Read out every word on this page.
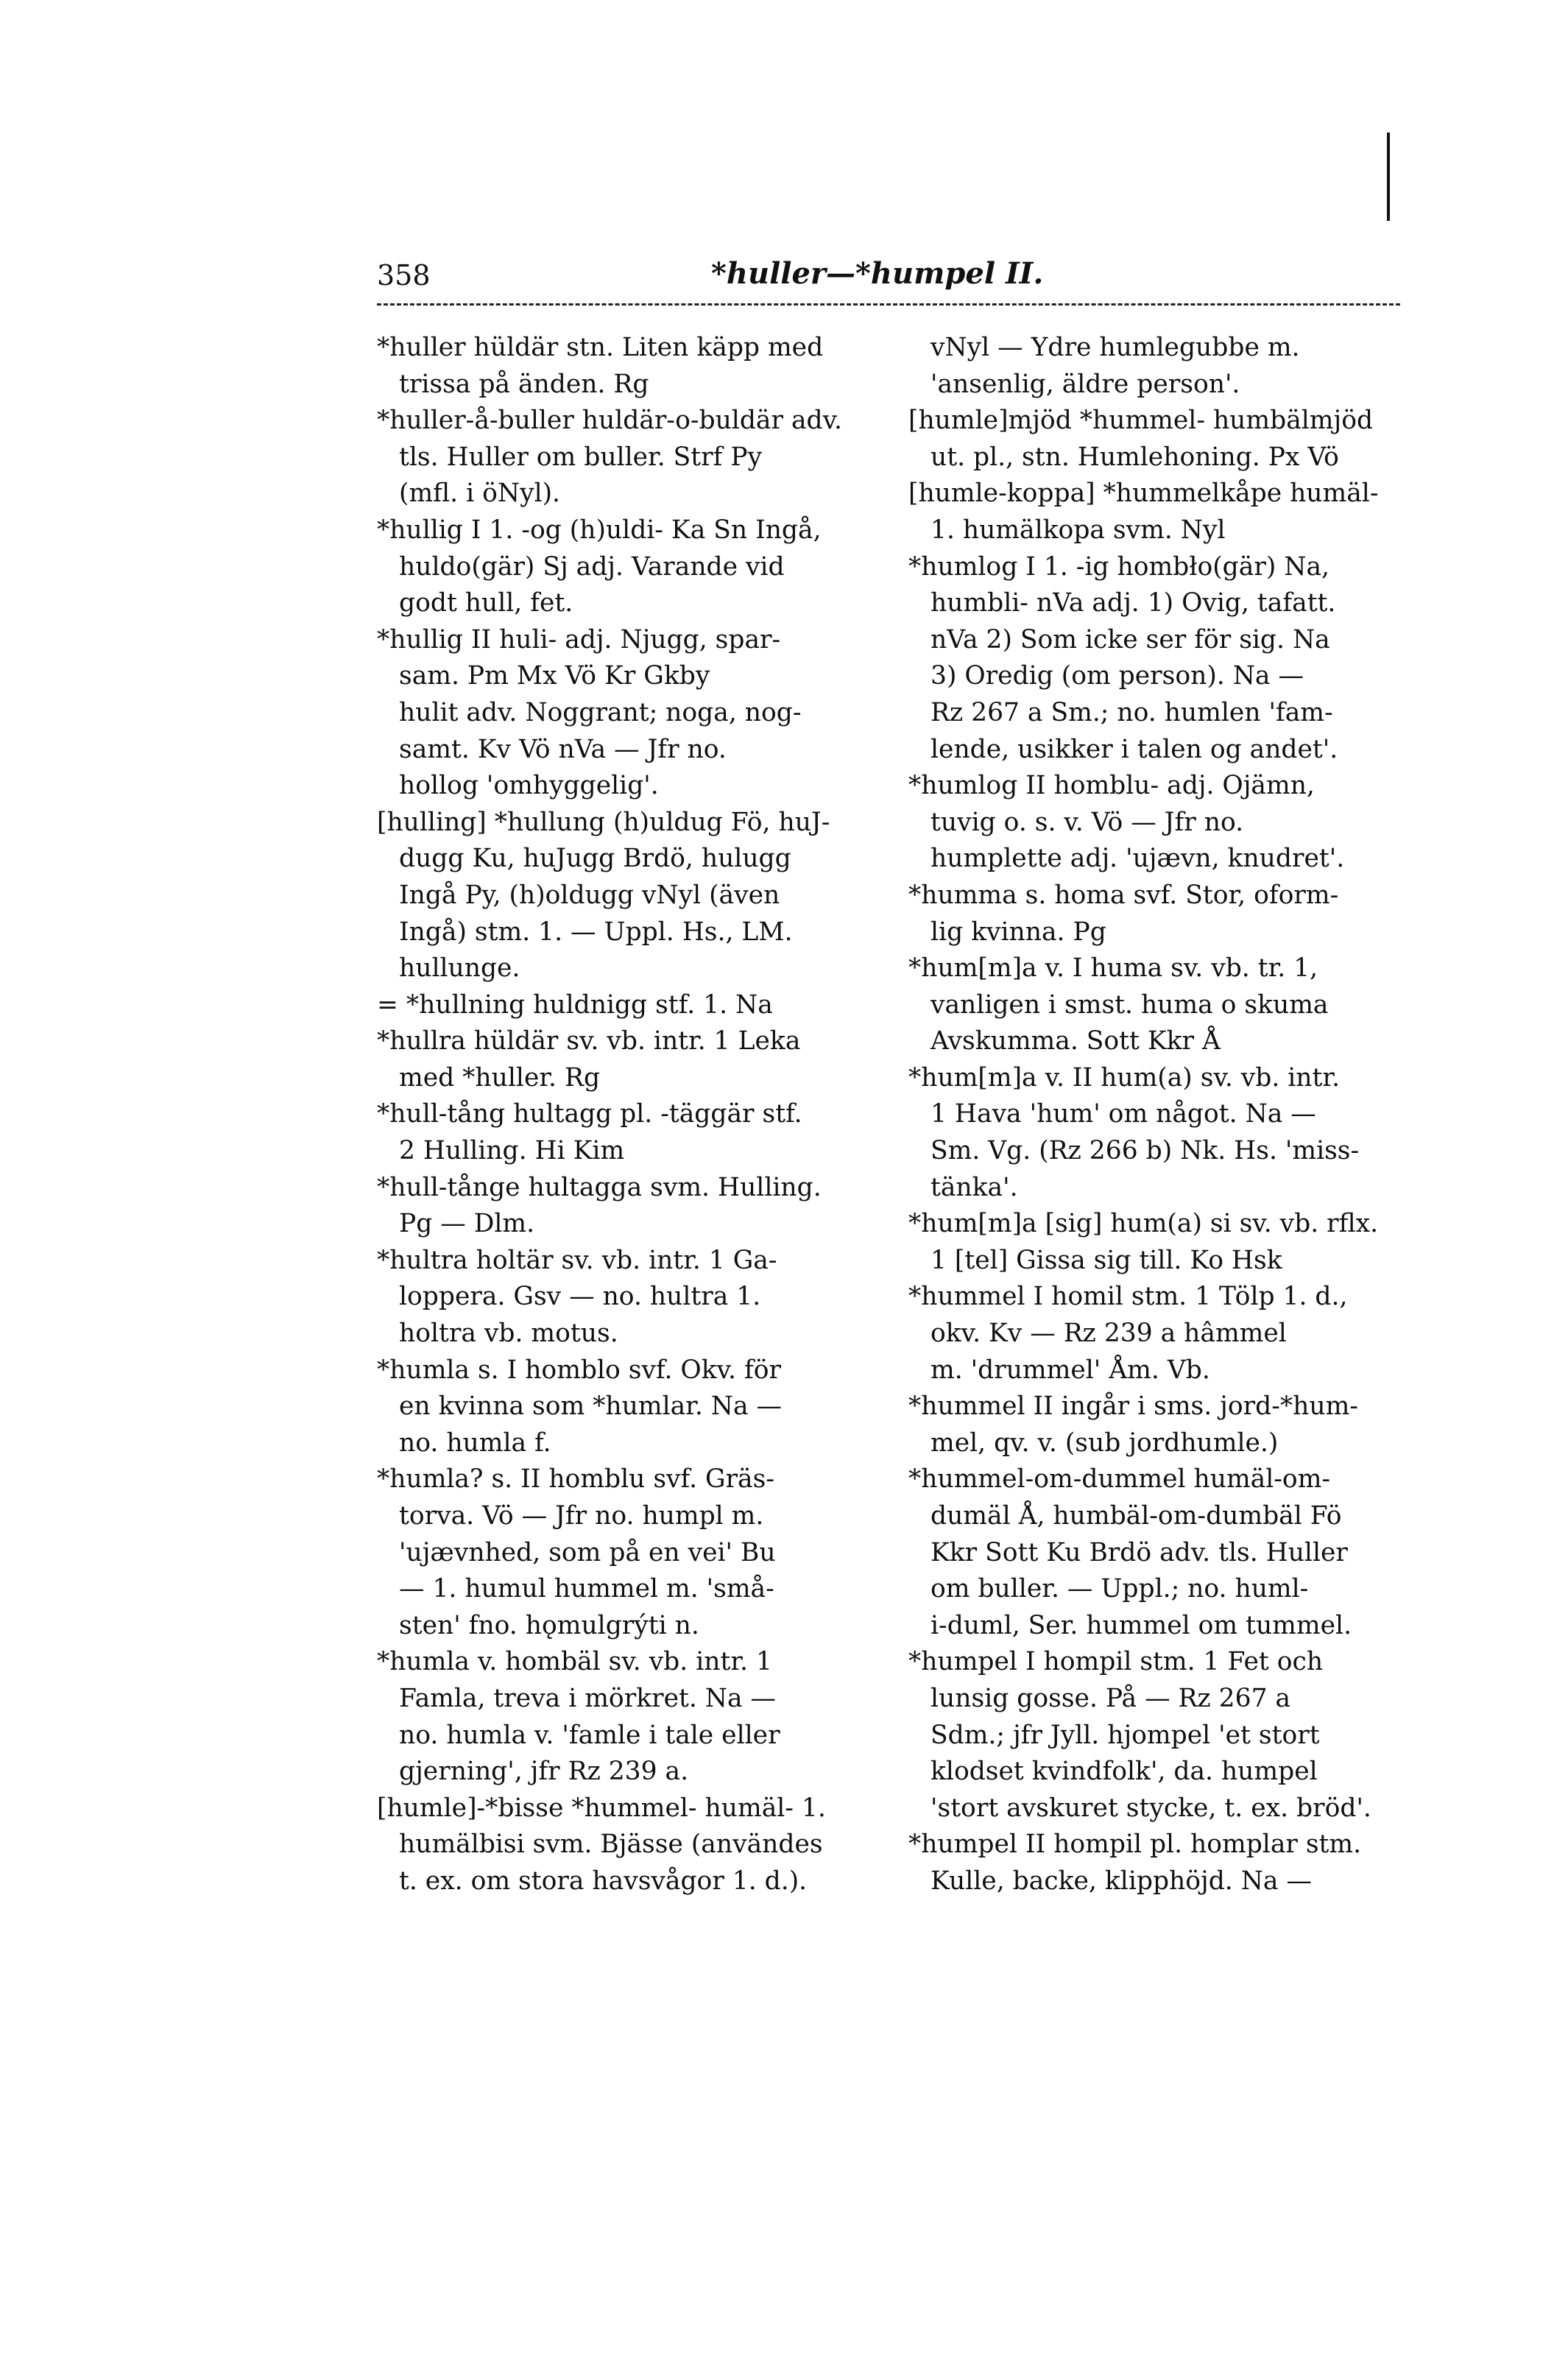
358	*huller—*humpel II.
*huller hüldär stn. Liten käpp med
trissa på änden. Rg
*huller-å-buller huldär-o-buldär adv.
tls. Huller om buller. Strf Py
(mfl. i öNyl).
*hullig I 1. -og (h)uldi- Ka Sn Ingå,
huldo(gär) Sj adj. Varande vid
godt hull, fet.
*hullig II huli- adj. Njugg, spar-
sam. Pm Mx Vö Kr Gkby
hulit adv. Noggrant; noga, nog-
samt. Kv Vö nVa — Jfr no.
hollog 'omhyggelig'.
[hulling] *hullung (h)uldug Fö, huJ-
dugg Ku, huJugg Brdö, hulugg
Ingå Py, (h)oldugg vNyl (även
Ingå) stm. 1. — Uppl. Hs., LM.
hullunge.
= *hullning huldnigg stf. 1. Na
*hullra hüldär sv. vb. intr. 1 Leka
med *huller. Rg
*hull-tång hultagg pl. -täggär stf.
2 Hulling. Hi Kim
*hull-tånge hultagga svm. Hulling.
Pg — Dlm.
*hultra holtär sv. vb. intr. 1 Ga-
loppera. Gsv — no. hultra 1.
holtra vb. motus.
*humla s. I homblo svf. Okv. för
en kvinna som *humlar. Na —
no. humla f.
*humla? s. II homblu svf. Gräs-
torva. Vö — Jfr no. humpl m.
'ujævnhed, som på en vei' Bu
— 1. humul hummel m. 'små-
sten' fno. hǫmulgrýti n.
*humla v. hombäl sv. vb. intr. 1
Famla, treva i mörkret. Na —
no. humla v. 'famle i tale eller
gjerning', jfr Rz 239 a.
[humle]-*bisse *hummel- humäl- 1.
humälbisi svm. Bjässe (användes
t. ex. om stora havsvågor 1. d.).
vNyl — Ydre humlegubbe m.
'ansenlig, äldre person'.
[humle]mjöd *hummel- humbälmjöd
ut. pl., stn. Humlehoning. Px Vö
[humle-koppa] *hummelkåpe humäl-
1. humälkopa svm. Nyl
*humlog I 1. -ig hombło(gär) Na,
humbli- nVa adj. 1) Ovig, tafatt.
nVa 2) Som icke ser för sig. Na
3) Oredig (om person). Na —
Rz 267 a Sm.; no. humlen 'fam-
lende, usikker i talen og andet'.
*humlog II homblu- adj. Ojämn,
tuvig o. s. v. Vö — Jfr no.
humplette adj. 'ujævn, knudret'.
*humma s. homa svf. Stor, oform-
lig kvinna. Pg
*hum[m]a v. I huma sv. vb. tr. 1,
vanligen i smst. huma o skuma
Avskumma. Sott Kkr Å
*hum[m]a v. II hum(a) sv. vb. intr.
1 Hava 'hum' om något. Na —
Sm. Vg. (Rz 266 b) Nk. Hs. 'miss-
tänka'.
*hum[m]a [sig] hum(a) si sv. vb. rflx.
1 [tel] Gissa sig till. Ko Hsk
*hummel I homil stm. 1 Tölp 1. d.,
okv. Kv — Rz 239 a hâmmel
m. 'drummel' Åm. Vb.
*hummel II ingår i sms. jord-*hum-
mel, qv. v. (sub jordhumle.)
*hummel-om-dummel humäl-om-
dumäl Å, humbäl-om-dumbäl Fö
Kkr Sott Ku Brdö adv. tls. Huller
om buller. — Uppl.; no. huml-
i-duml, Ser. hummel om tummel.
*humpel I hompil stm. 1 Fet och
lunsig gosse. På — Rz 267 a
Sdm.; jfr Jyll. hjompel 'et stort
klodset kvindfolk', da. humpel
'stort avskuret stycke, t. ex. bröd'.
*humpel II hompil pl. homplar stm.
Kulle, backe, klipphöjd. Na —
